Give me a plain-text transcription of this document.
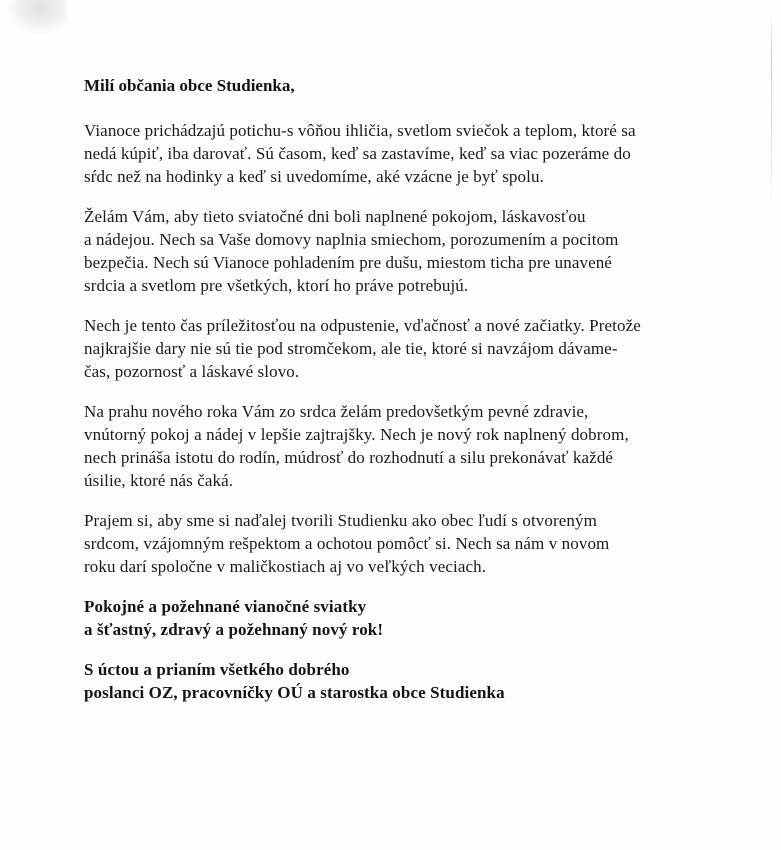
Milí občania obce Studienka,
Vianoce prichádzajú potichu-s vôňou ihličia, svetlom sviečok a teplom, ktoré sa
nedá kúpiť, iba darovať. Sú časom, keď sa zastavíme, keď sa viac pozeráme do
sŕdc než na hodinky a keď si uvedomíme, aké vzácne je byť spolu.
Želám Vám, aby tieto sviatočné dni boli naplnené pokojom, láskavosťou
a nádejou. Nech sa Vaše domovy naplnia smiechom, porozumením a pocitom
bezpečia. Nech sú Vianoce pohladením pre dušu, miestom ticha pre unavené
srdcia a svetlom pre všetkých, ktorí ho práve potrebujú.
Nech je tento čas príležitosťou na odpustenie, vďačnosť a nové začiatky. Pretože
najkrajšie dary nie sú tie pod stromčekom, ale tie, ktoré si navzájom dávame-
čas, pozornosť a láskavé slovo.
Na prahu nového roka Vám zo srdca želám predovšetkým pevné zdravie,
vnútorný pokoj a nádej v lepšie zajtrajšky. Nech je nový rok naplnený dobrom,
nech prináša istotu do rodín, múdrosť do rozhodnutí a silu prekonávať každé
úsilie, ktoré nás čaká.
Prajem si, aby sme si naďalej tvorili Studienku ako obec ľudí s otvoreným
srdcom, vzájomným rešpektom a ochotou pomôcť si. Nech sa nám v novom
roku darí spoločne v maličkostiach aj vo veľkých veciach.
Pokojné a požehnané vianočné sviatky
a šťastný, zdravý a požehnaný nový rok!
S úctou a prianím všetkého dobrého
poslanci OZ, pracovníčky OÚ a starostka obce Studienka
